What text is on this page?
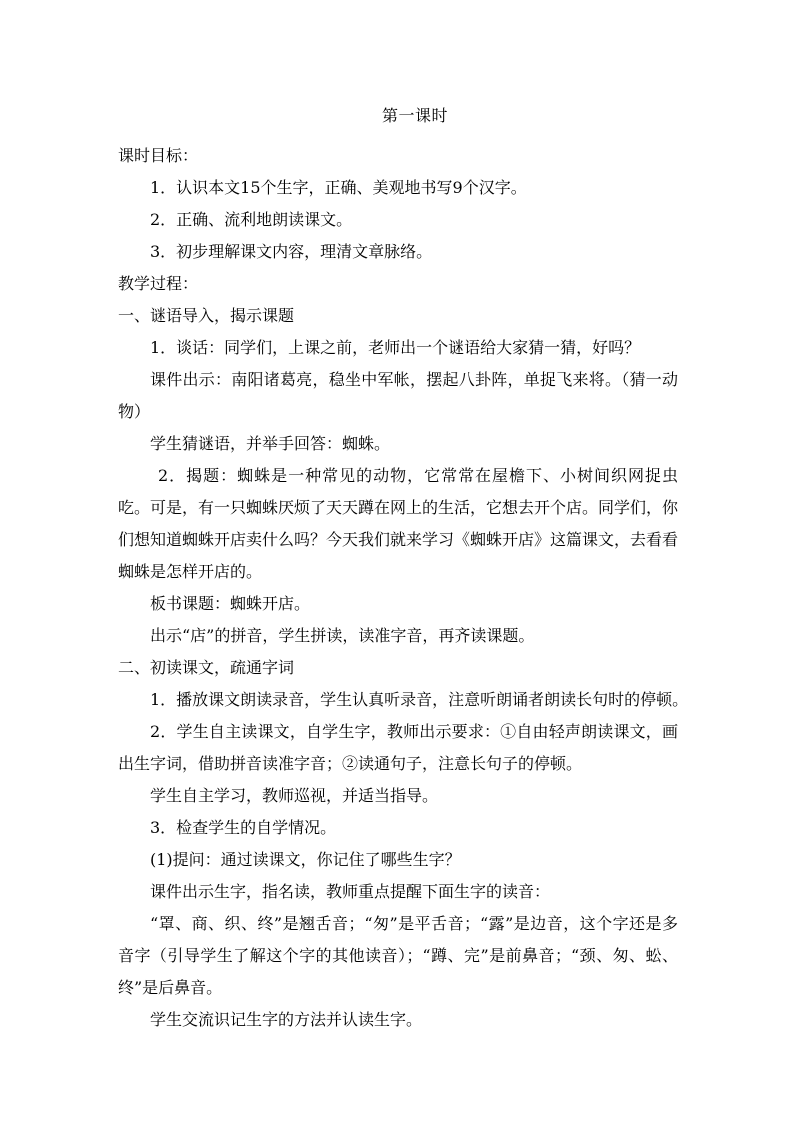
第一课时
课时目标：
1．认识本文15个生字，正确、美观地书写9个汉字。
2．正确、流利地朗读课文。
3．初步理解课文内容，理清文章脉络。
教学过程：
一、谜语导入，揭示课题
1．谈话：同学们，上课之前，老师出一个谜语给大家猜一猜，好吗？
课件出示：南阳诸葛亮，稳坐中军帐，摆起八卦阵，单捉飞来将。（猜一动物）
学生猜谜语，并举手回答：蜘蛛。
2．揭题：蜘蛛是一种常见的动物，它常常在屋檐下、小树间织网捉虫吃。可是，有一只蜘蛛厌烦了天天蹲在网上的生活，它想去开个店。同学们，你们想知道蜘蛛开店卖什么吗？今天我们就来学习《蜘蛛开店》这篇课文，去看看蜘蛛是怎样开店的。
板书课题：蜘蛛开店。
出示“店”的拼音，学生拼读，读准字音，再齐读课题。
二、初读课文，疏通字词
1．播放课文朗读录音，学生认真听录音，注意听朗诵者朗读长句时的停顿。
2．学生自主读课文，自学生字，教师出示要求：①自由轻声朗读课文，画出生字词，借助拼音读准字音；②读通句子，注意长句子的停顿。
学生自主学习，教师巡视，并适当指导。
3．检查学生的自学情况。
(1)提问：通过读课文，你记住了哪些生字？
课件出示生字，指名读，教师重点提醒下面生字的读音：
“罩、商、织、终”是翘舌音；“匆”是平舌音；“露”是边音，这个字还是多音字（引导学生了解这个字的其他读音）；“蹲、完”是前鼻音；“颈、匆、蚣、终”是后鼻音。
学生交流识记生字的方法并认读生字。
